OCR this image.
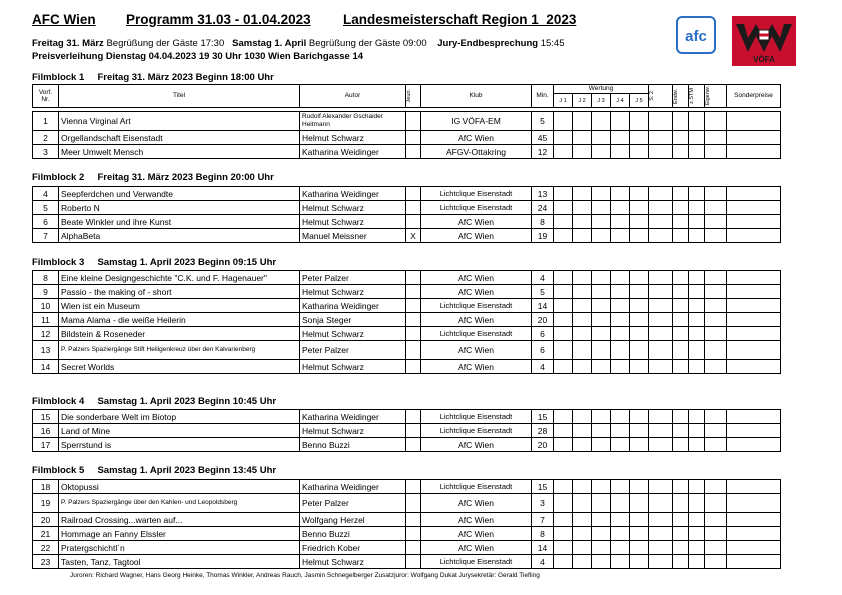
AFC Wien Programm 31.03 - 01.04.2023 Landesmeisterschaft Region 1  2023
Freitag 31. März Begrüßung der Gäste 17:30 Samstag 1. April Begrüßung der Gäste 09:00 Jury-Endbesprechung 15:45
Preisverleihung Dienstag 04.04.2023 19 30 Uhr 1030 Wien Barichgasse 14
afc
VÖFA
Filmblock 1     Freitag 31. März 2023 Beginn 18:00 Uhr
Vorf. Nr.	Titel	Autor	Jeun.	Klub	Min.	Wertung					S: 2	Endw.	z.STM	Eigenw.	Sonderpreise
						J 1	J 2	J 3	J 4	J 5					
1	Vienna Virginal Art	Rudolf Alexander Gschaider Heitmann		IG VÖFA-EM	5										
2	Orgellandschaft Eisenstadt	Helmut Schwarz		AfC Wien	45										
3	Meer Umwelt Mensch	Katharina Weidinger		AFGV-Ottakring	12										
Filmblock 2     Freitag 31. März 2023 Beginn 20:00 Uhr
4	Seepferdchen und Verwandte	Katharina Weidinger		Lichtclique Eisenstadt	13										
5	Roberto N	Helmut Schwarz		Lichtclique Eisenstadt	24										
6	Beate Winkler und ihre Kunst	Helmut Schwarz		AfC Wien	8										
7	AlphaBeta	Manuel Meissner	X	AfC Wien	19										
Filmblock 3     Samstag 1. April 2023 Beginn 09:15 Uhr
8	Eine kleine Designgeschichte "C.K. und F. Hagenauer"	Peter Palzer		AfC Wien	4										
9	Passio - the making of - short	Helmut Schwarz		AfC Wien	5										
10	Wien ist ein Museum	Katharina Weidinger		Lichtclique Eisenstadt	14										
11	Mama Alama - die weiße Heilerin	Sonja Steger		AfC Wien	20										
12	Bildstein & Roseneder	Helmut Schwarz		Lichtclique Eisenstadt	6										
13	P. Palzers Spaziergänge Stift Heiligenkreuz über den Kalvarienberg	Peter Palzer		AfC Wien	6										
14	Secret Worlds	Helmut Schwarz		AfC Wien	4										
Filmblock 4     Samstag 1. April 2023 Beginn 10:45 Uhr
15	Die sonderbare Welt im Biotop	Katharina Weidinger		Lichtclique Eisenstadt	15										
16	Land of Mine	Helmut Schwarz		Lichtclique Eisenstadt	28										
17	Sperrstund is	Benno Buzzi		AfC Wien	20										
Filmblock 5     Samstag 1. April 2023 Beginn 13:45 Uhr
18	Oktopussi	Katharina Weidinger		Lichtclique Eisenstadt	15										
19	P. Palzers Spaziergänge über den Kahlen- und Leopoldsberg	Peter Palzer		AfC Wien	3										
20	Railroad Crossing...warten auf...	Wolfgang Herzel		AfC Wien	7										
21	Hommage an Fanny Elssler	Benno Buzzi		AfC Wien	8										
22	Pratergschichtl´n	Friedrich Kober		AfC Wien	14										
23	Tasten, Tanz, Tagtool	Helmut Schwarz		Lichtclique Eisenstadt	4										
Juroren: Richard Wagner, Hans Georg Heinke, Thomas Winkler, Andreas Rauch, Jasmin Schnegelberger Zusatzjuror: Wolfgang Dukat Jurysekretär: Gerald Tiefling
